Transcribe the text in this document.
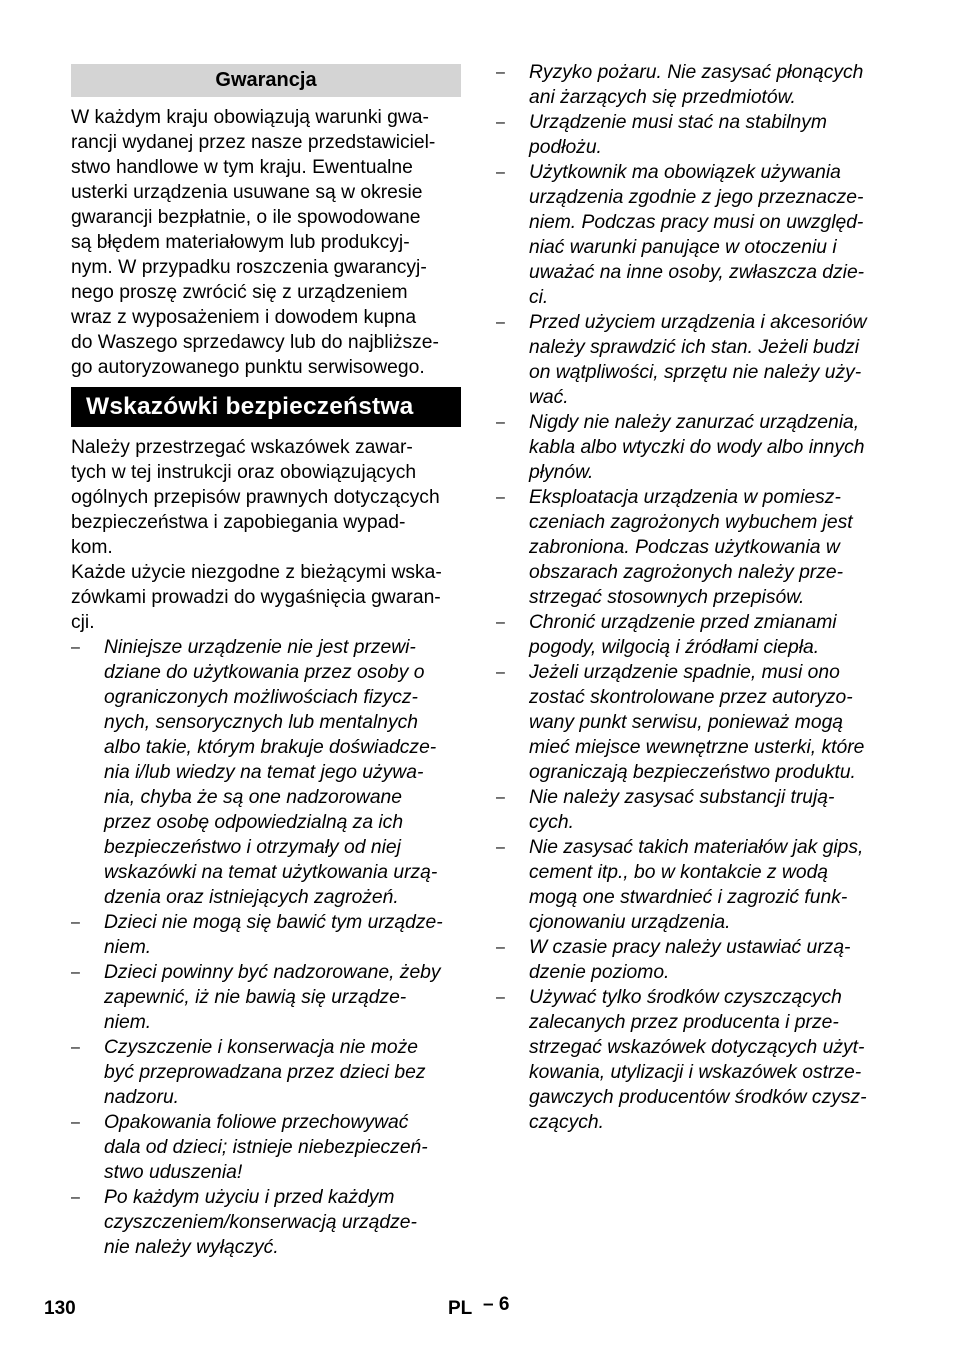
Gwarancja

W każdym kraju obowiązują warunki gwa-
rancji wydanej przez nasze przedstawiciel-
stwo handlowe w tym kraju. Ewentualne
usterki urządzenia usuwane są w okresie
gwarancji bezpłatnie, o ile spowodowane
są błędem materiałowym lub produkcyj-
nym. W przypadku roszczenia gwarancyj-
nego proszę zwrócić się z urządzeniem
wraz z wyposażeniem i dowodem kupna
do Waszego sprzedawcy lub do najbliższe-
go autoryzowanego punktu serwisowego.

Wskazówki bezpieczeństwa

Należy przestrzegać wskazówek zawar-
tych w tej instrukcji oraz obowiązujących
ogólnych przepisów prawnych dotyczących
bezpieczeństwa i zapobiegania wypad-
kom.

Każde użycie niezgodne z bieżącymi wska-
zówkami prowadzi do wygaśnięcia gwaran-
cji.

– Niniejsze urządzenie nie jest przewi-
dziane do użytkowania przez osoby o
ograniczonych możliwościach fizycz-
nych, sensorycznych lub mentalnych
albo takie, którym brakuje doświadcze-
nia i/lub wiedzy na temat jego używa-
nia, chyba że są one nadzorowane
przez osobę odpowiedzialną za ich
bezpieczeństwo i otrzymały od niej
wskazówki na temat użytkowania urzą-
dzenia oraz istniejących zagrożeń.
– Dzieci nie mogą się bawić tym urządze-
niem.
– Dzieci powinny być nadzorowane, żeby
zapewnić, iż nie bawią się urządze-
niem.
– Czyszczenie i konserwacja nie może
być przeprowadzana przez dzieci bez
nadzoru.
– Opakowania foliowe przechowywać
dala od dzieci; istnieje niebezpieczeń-
stwo uduszenia!
– Po każdym użyciu i przed każdym
czyszczeniem/konserwacją urządze-
nie należy wyłączyć.
– Ryzyko pożaru. Nie zasysać płonących
ani żarzących się przedmiotów.
– Urządzenie musi stać na stabilnym
podłożu.
– Użytkownik ma obowiązek używania
urządzenia zgodnie z jego przeznacze-
niem. Podczas pracy musi on uwzględ-
niać warunki panujące w otoczeniu i
uważać na inne osoby, zwłaszcza dzie-
ci.
– Przed użyciem urządzenia i akcesoriów
należy sprawdzić ich stan. Jeżeli budzi
on wątpliwości, sprzętu nie należy uży-
wać.
– Nigdy nie należy zanurzać urządzenia,
kabla albo wtyczki do wody albo innych
płynów.
– Eksploatacja urządzenia w pomiesz-
czeniach zagrożonych wybuchem jest
zabroniona. Podczas użytkowania w
obszarach zagrożonych należy prze-
strzegać stosownych przepisów.
– Chronić urządzenie przed zmianami
pogody, wilgocią i źródłami ciepła.
– Jeżeli urządzenie spadnie, musi ono
zostać skontrolowane przez autoryzo-
wany punkt serwisu, ponieważ mogą
mieć miejsce wewnętrzne usterki, które
ograniczają bezpieczeństwo produktu.
– Nie należy zasysać substancji trują-
cych.
– Nie zasysać takich materiałów jak gips,
cement itp., bo w kontakcie z wodą
mogą one stwardnieć i zagrozić funk-
cjonowaniu urządzenia.
– W czasie pracy należy ustawiać urzą-
dzenie poziomo.
– Używać tylko środków czyszczących
zalecanych przez producenta i prze-
strzegać wskazówek dotyczących użyt-
kowania, utylizacji i wskazówek ostrze-
gawczych producentów środków czysz-
czących.
130	PL – 6
